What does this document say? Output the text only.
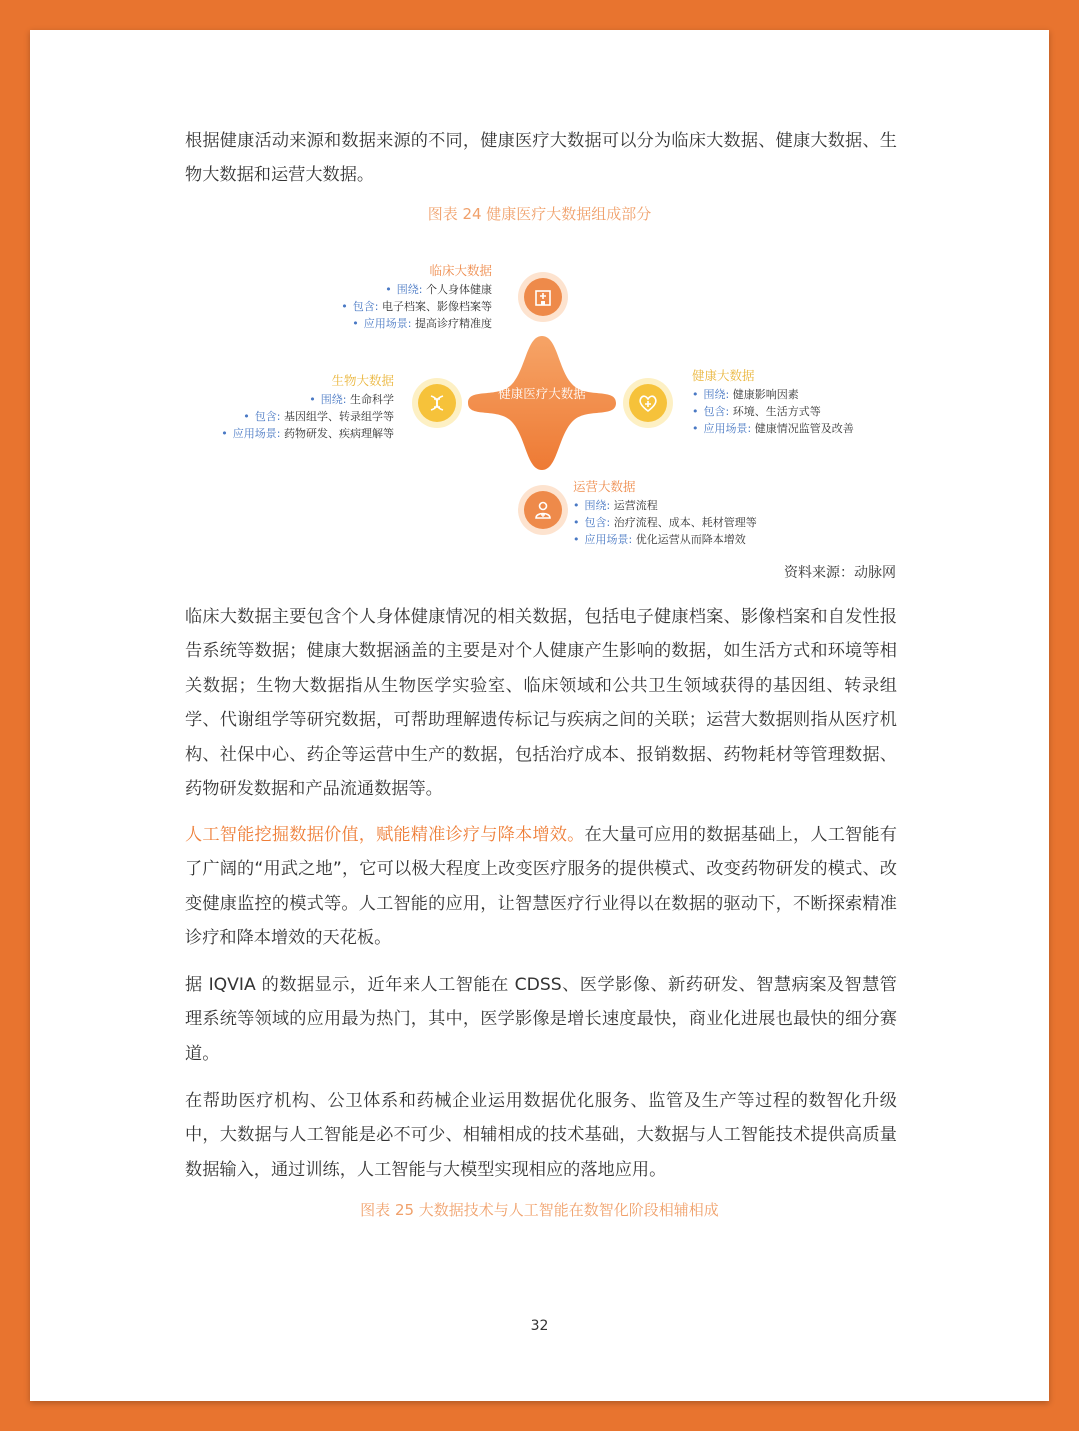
根据健康活动来源和数据来源的不同，健康医疗大数据可以分为临床大数据、健康大数据、生物大数据和运营大数据。

图表 24 健康医疗大数据组成部分
健康医疗大数据
临床大数据
• 围绕: 个人身体健康
• 包含: 电子档案、影像档案等
• 应用场景: 提高诊疗精准度
生物大数据
• 围绕: 生命科学
• 包含: 基因组学、转录组学等
• 应用场景: 药物研发、疾病理解等
健康大数据
• 围绕: 健康影响因素
• 包含: 环境、生活方式等
• 应用场景: 健康情况监管及改善
运营大数据
• 围绕: 运营流程
• 包含: 治疗流程、成本、耗材管理等
• 应用场景: 优化运营从而降本增效
资料来源：动脉网

临床大数据主要包含个人身体健康情况的相关数据，包括电子健康档案、影像档案和自发性报告系统等数据；健康大数据涵盖的主要是对个人健康产生影响的数据，如生活方式和环境等相关数据；生物大数据指从生物医学实验室、临床领域和公共卫生领域获得的基因组、转录组学、代谢组学等研究数据，可帮助理解遗传标记与疾病之间的关联；运营大数据则指从医疗机构、社保中心、药企等运营中生产的数据，包括治疗成本、报销数据、药物耗材等管理数据、药物研发数据和产品流通数据等。

人工智能挖掘数据价值，赋能精准诊疗与降本增效。在大量可应用的数据基础上，人工智能有了广阔的“用武之地”，它可以极大程度上改变医疗服务的提供模式、改变药物研发的模式、改变健康监控的模式等。人工智能的应用，让智慧医疗行业得以在数据的驱动下，不断探索精准诊疗和降本增效的天花板。

据 IQVIA 的数据显示，近年来人工智能在 CDSS、医学影像、新药研发、智慧病案及智慧管理系统等领域的应用最为热门，其中，医学影像是增长速度最快，商业化进展也最快的细分赛道。

在帮助医疗机构、公卫体系和药械企业运用数据优化服务、监管及生产等过程的数智化升级中，大数据与人工智能是必不可少、相辅相成的技术基础，大数据与人工智能技术提供高质量数据输入，通过训练，人工智能与大模型实现相应的落地应用。

图表 25 大数据技术与人工智能在数智化阶段相辅相成
32
